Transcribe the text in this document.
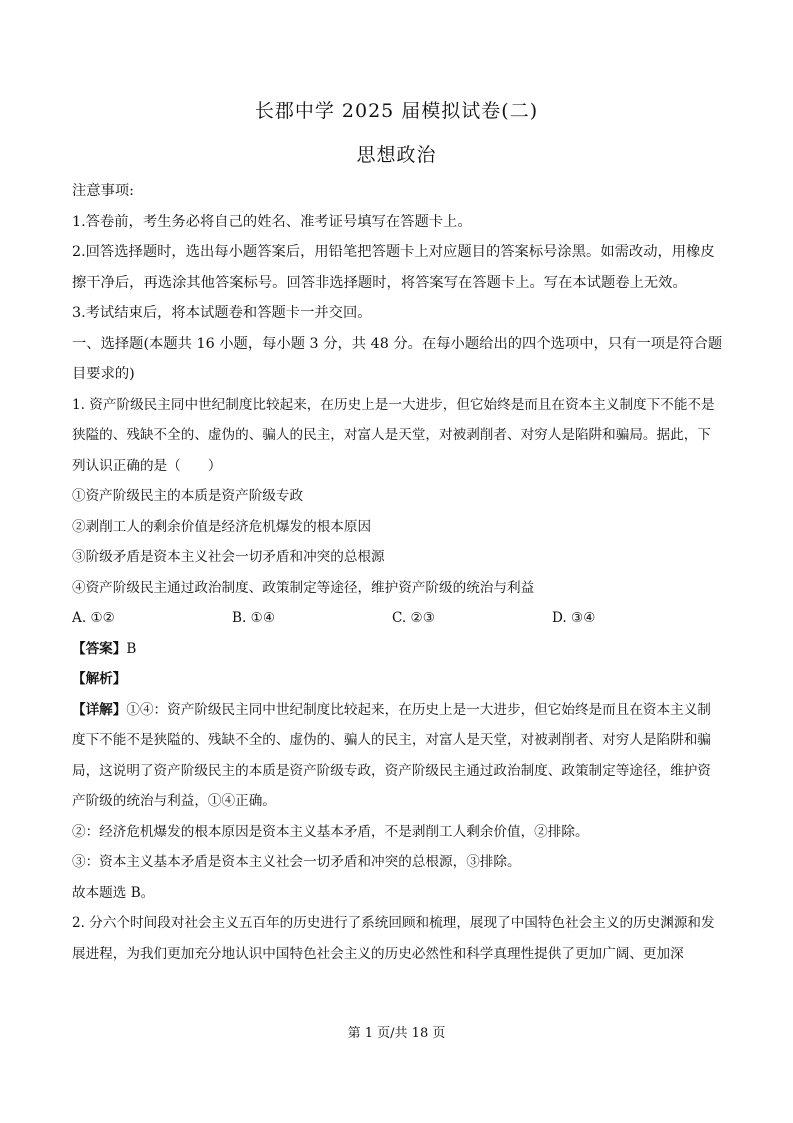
长郡中学 2025 届模拟试卷(二)
思想政治

注意事项:

1.答卷前，考生务必将自己的姓名、准考证号填写在答题卡上。

2.回答选择题时，选出每小题答案后，用铅笔把答题卡上对应题目的答案标号涂黑。如需改动，用橡皮擦干净后，再选涂其他答案标号。回答非选择题时，将答案写在答题卡上。写在本试题卷上无效。

3.考试结束后，将本试题卷和答题卡一并交回。

一、选择题(本题共 16 小题，每小题 3 分，共 48 分。在每小题给出的四个选项中，只有一项是符合题目要求的)

1. 资产阶级民主同中世纪制度比较起来，在历史上是一大进步，但它始终是而且在资本主义制度下不能不是狭隘的、残缺不全的、虚伪的、骗人的民主，对富人是天堂，对被剥削者、对穷人是陷阱和骗局。据此，下列认识正确的是（　　）

①资产阶级民主的本质是资产阶级专政

②剥削工人的剩余价值是经济危机爆发的根本原因

③阶级矛盾是资本主义社会一切矛盾和冲突的总根源

④资产阶级民主通过政治制度、政策制定等途径，维护资产阶级的统治与利益

A. ①②	B. ①④	C. ②③	D. ③④

【答案】B

【解析】

【详解】①④：资产阶级民主同中世纪制度比较起来，在历史上是一大进步，但它始终是而且在资本主义制度下不能不是狭隘的、残缺不全的、虚伪的、骗人的民主，对富人是天堂，对被剥削者、对穷人是陷阱和骗局，这说明了资产阶级民主的本质是资产阶级专政，资产阶级民主通过政治制度、政策制定等途径，维护资产阶级的统治与利益，①④正确。

②：经济危机爆发的根本原因是资本主义基本矛盾，不是剥削工人剩余价值，②排除。

③：资本主义基本矛盾是资本主义社会一切矛盾和冲突的总根源，③排除。

故本题选 B。

2. 分六个时间段对社会主义五百年的历史进行了系统回顾和梳理，展现了中国特色社会主义的历史渊源和发展进程，为我们更加充分地认识中国特色社会主义的历史必然性和科学真理性提供了更加广阔、更加深

第 1 页/共 18 页
